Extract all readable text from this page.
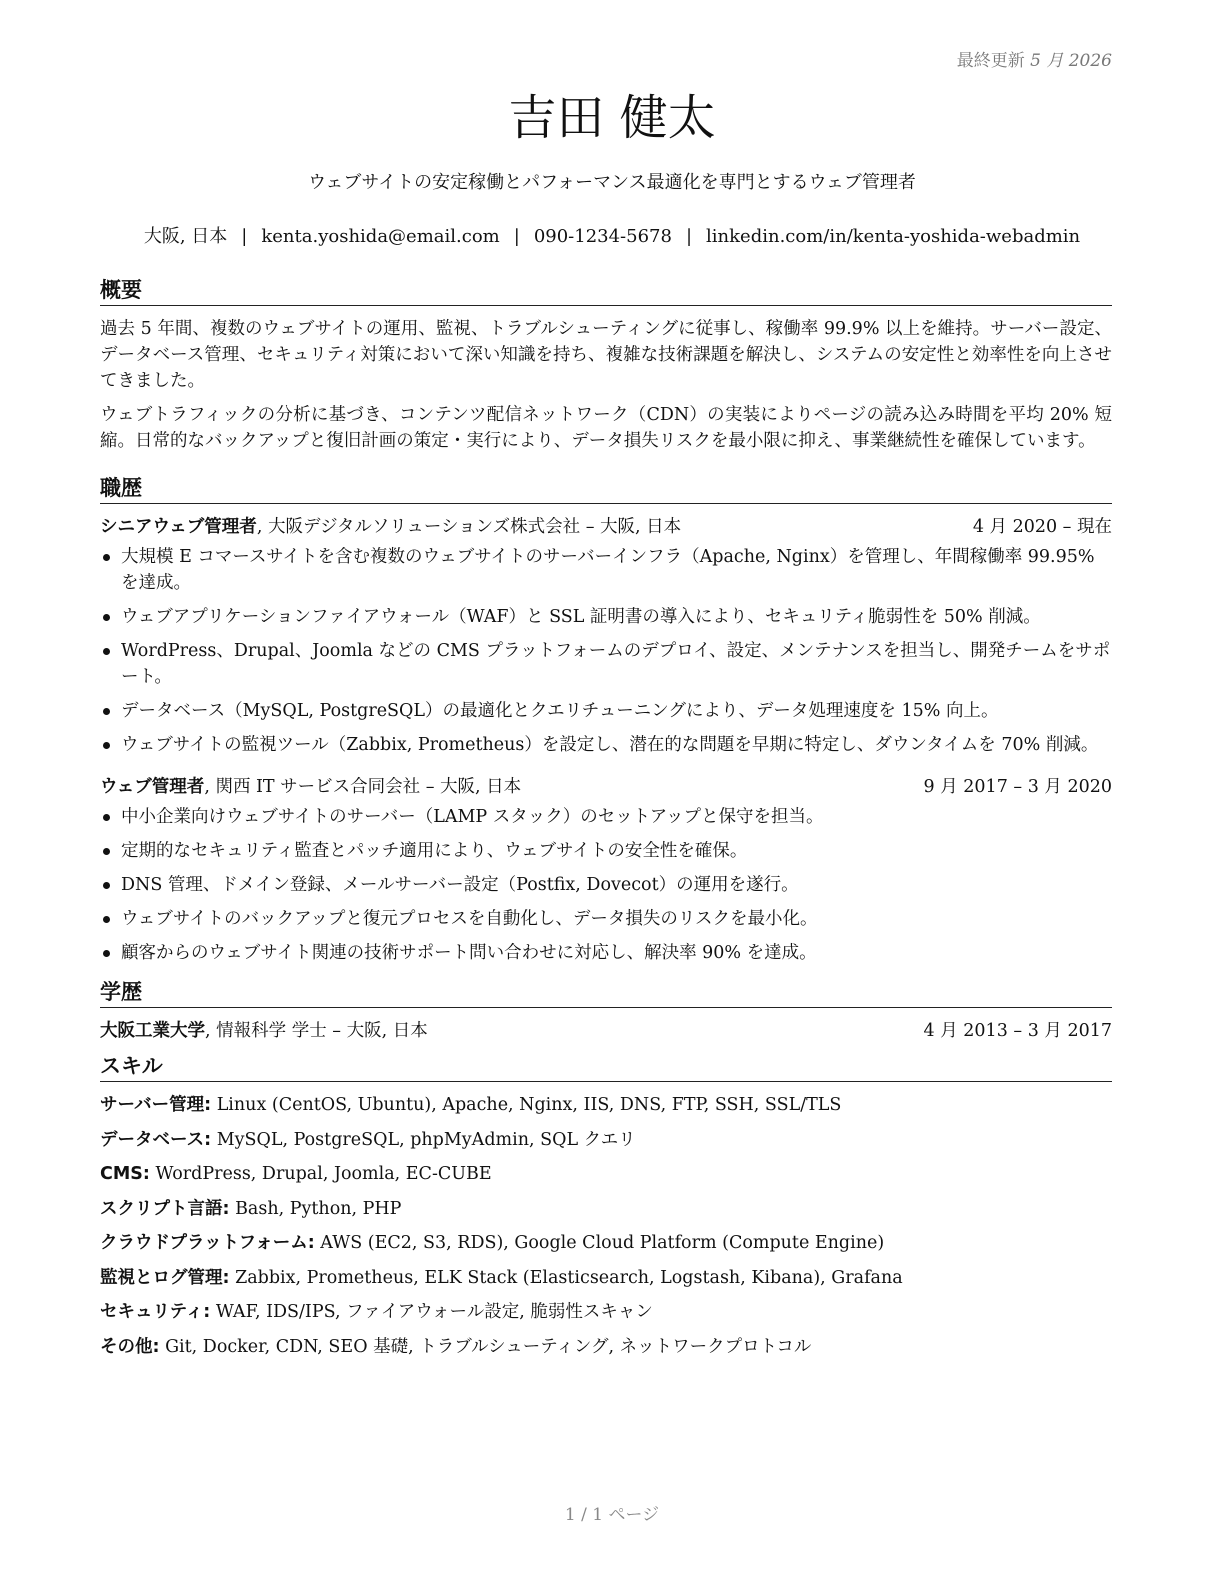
最終更新 5 月 2026
吉田 健太
ウェブサイトの安定稼働とパフォーマンス最適化を専門とするウェブ管理者
大阪, 日本 | kenta.yoshida@email.com | 090-1234-5678 | linkedin.com/in/kenta-yoshida-webadmin
概要

過去 5 年間、複数のウェブサイトの運用、監視、トラブルシューティングに従事し、稼働率 99.9% 以上を維持。サーバー設定、データベース管理、セキュリティ対策において深い知識を持ち、複雑な技術課題を解決し、システムの安定性と効率性を向上させてきました。

ウェブトラフィックの分析に基づき、コンテンツ配信ネットワーク（CDN）の実装によりページの読み込み時間を平均 20% 短縮。日常的なバックアップと復旧計画の策定・実行により、データ損失リスクを最小限に抑え、事業継続性を確保しています。

職歴
シニアウェブ管理者, 大阪デジタルソリューションズ株式会社 – 大阪, 日本	4 月 2020 – 現在
大規模 E コマースサイトを含む複数のウェブサイトのサーバーインフラ（Apache, Nginx）を管理し、年間稼働率 99.95% を達成。
ウェブアプリケーションファイアウォール（WAF）と SSL 証明書の導入により、セキュリティ脆弱性を 50% 削減。
WordPress、Drupal、Joomla などの CMS プラットフォームのデプロイ、設定、メンテナンスを担当し、開発チームをサポート。
データベース（MySQL, PostgreSQL）の最適化とクエリチューニングにより、データ処理速度を 15% 向上。
ウェブサイトの監視ツール（Zabbix, Prometheus）を設定し、潜在的な問題を早期に特定し、ダウンタイムを 70% 削減。
ウェブ管理者, 関西 IT サービス合同会社 – 大阪, 日本	9 月 2017 – 3 月 2020
中小企業向けウェブサイトのサーバー（LAMP スタック）のセットアップと保守を担当。
定期的なセキュリティ監査とパッチ適用により、ウェブサイトの安全性を確保。
DNS 管理、ドメイン登録、メールサーバー設定（Postfix, Dovecot）の運用を遂行。
ウェブサイトのバックアップと復元プロセスを自動化し、データ損失のリスクを最小化。
顧客からのウェブサイト関連の技術サポート問い合わせに対応し、解決率 90% を達成。
学歴
大阪工業大学, 情報科学 学士 – 大阪, 日本	4 月 2013 – 3 月 2017
スキル
サーバー管理: Linux (CentOS, Ubuntu), Apache, Nginx, IIS, DNS, FTP, SSH, SSL/TLS
データベース: MySQL, PostgreSQL, phpMyAdmin, SQL クエリ
CMS: WordPress, Drupal, Joomla, EC-CUBE
スクリプト言語: Bash, Python, PHP
クラウドプラットフォーム: AWS (EC2, S3, RDS), Google Cloud Platform (Compute Engine)
監視とログ管理: Zabbix, Prometheus, ELK Stack (Elasticsearch, Logstash, Kibana), Grafana
セキュリティ: WAF, IDS/IPS, ファイアウォール設定, 脆弱性スキャン
その他: Git, Docker, CDN, SEO 基礎, トラブルシューティング, ネットワークプロトコル
1 / 1 ページ
